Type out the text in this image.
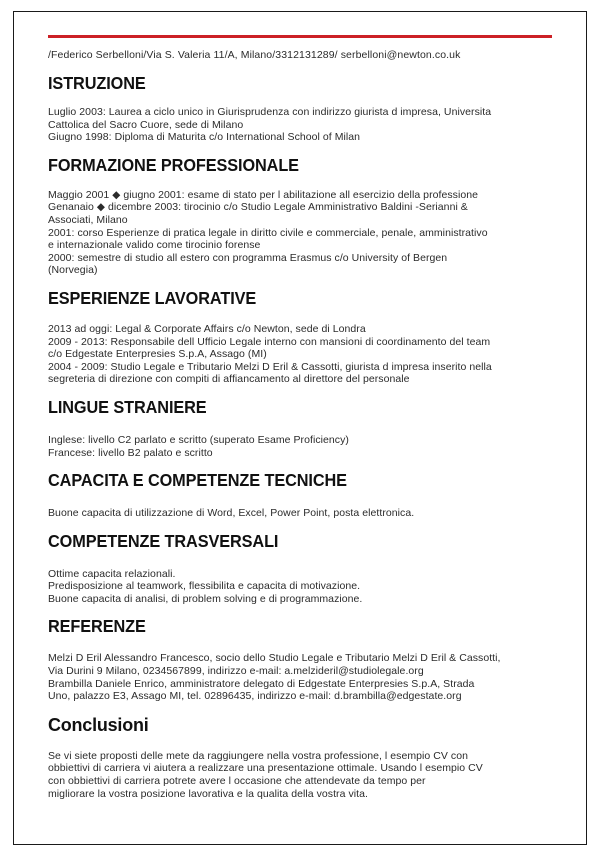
/Federico Serbelloni/Via S. Valeria 11/A, Milano/3312131289/ serbelloni@newton.co.uk
ISTRUZIONE

Luglio 2003: Laurea a ciclo unico in Giurisprudenza con indirizzo giurista d impresa, Universita

Cattolica del Sacro Cuore, sede di Milano

Giugno 1998: Diploma di Maturita c/o International School of Milan

FORMAZIONE PROFESSIONALE

Maggio 2001 ◆ giugno 2001: esame di stato per l abilitazione all esercizio della professione

Genanaio ◆ dicembre 2003: tirocinio c/o Studio Legale Amministrativo Baldini -Serianni &

Associati, Milano

2001: corso Esperienze di pratica legale in diritto civile e commerciale, penale, amministrativo

e internazionale valido come tirocinio forense

2000: semestre di studio all estero con programma Erasmus c/o University of Bergen

(Norvegia)

ESPERIENZE LAVORATIVE

2013 ad oggi: Legal & Corporate Affairs c/o Newton, sede di Londra

2009 - 2013: Responsabile dell Ufficio Legale interno con mansioni di coordinamento del team

c/o Edgestate Enterpresies S.p.A, Assago (MI)

2004 - 2009: Studio Legale e Tributario Melzi D Eril & Cassotti, giurista d impresa inserito nella

segreteria di direzione con compiti di affiancamento al direttore del personale

LINGUE STRANIERE

Inglese: livello C2 parlato e scritto (superato Esame Proficiency)

Francese: livello B2 palato e scritto

CAPACITA E COMPETENZE TECNICHE

Buone capacita di utilizzazione di Word, Excel, Power Point, posta elettronica.

COMPETENZE TRASVERSALI

Ottime capacita relazionali.

Predisposizione al teamwork, flessibilita e capacita di motivazione.

Buone capacita di analisi, di problem solving e di programmazione.

REFERENZE

Melzi D Eril Alessandro Francesco, socio dello Studio Legale e Tributario Melzi D Eril & Cassotti,

Via Durini 9 Milano, 0234567899, indirizzo e-mail: a.melzideril@studiolegale.org

Brambilla Daniele Enrico, amministratore delegato di Edgestate Enterpresies S.p.A, Strada

Uno, palazzo E3, Assago MI, tel. 02896435, indirizzo e-mail: d.brambilla@edgestate.org

Conclusioni

Se vi siete proposti delle mete da raggiungere nella vostra professione, l esempio CV con

obbiettivi di carriera vi aiutera a realizzare una presentazione ottimale. Usando l esempio CV

con obbiettivi di carriera potrete avere l occasione che attendevate da tempo per

migliorare la vostra posizione lavorativa e la qualita della vostra vita.
